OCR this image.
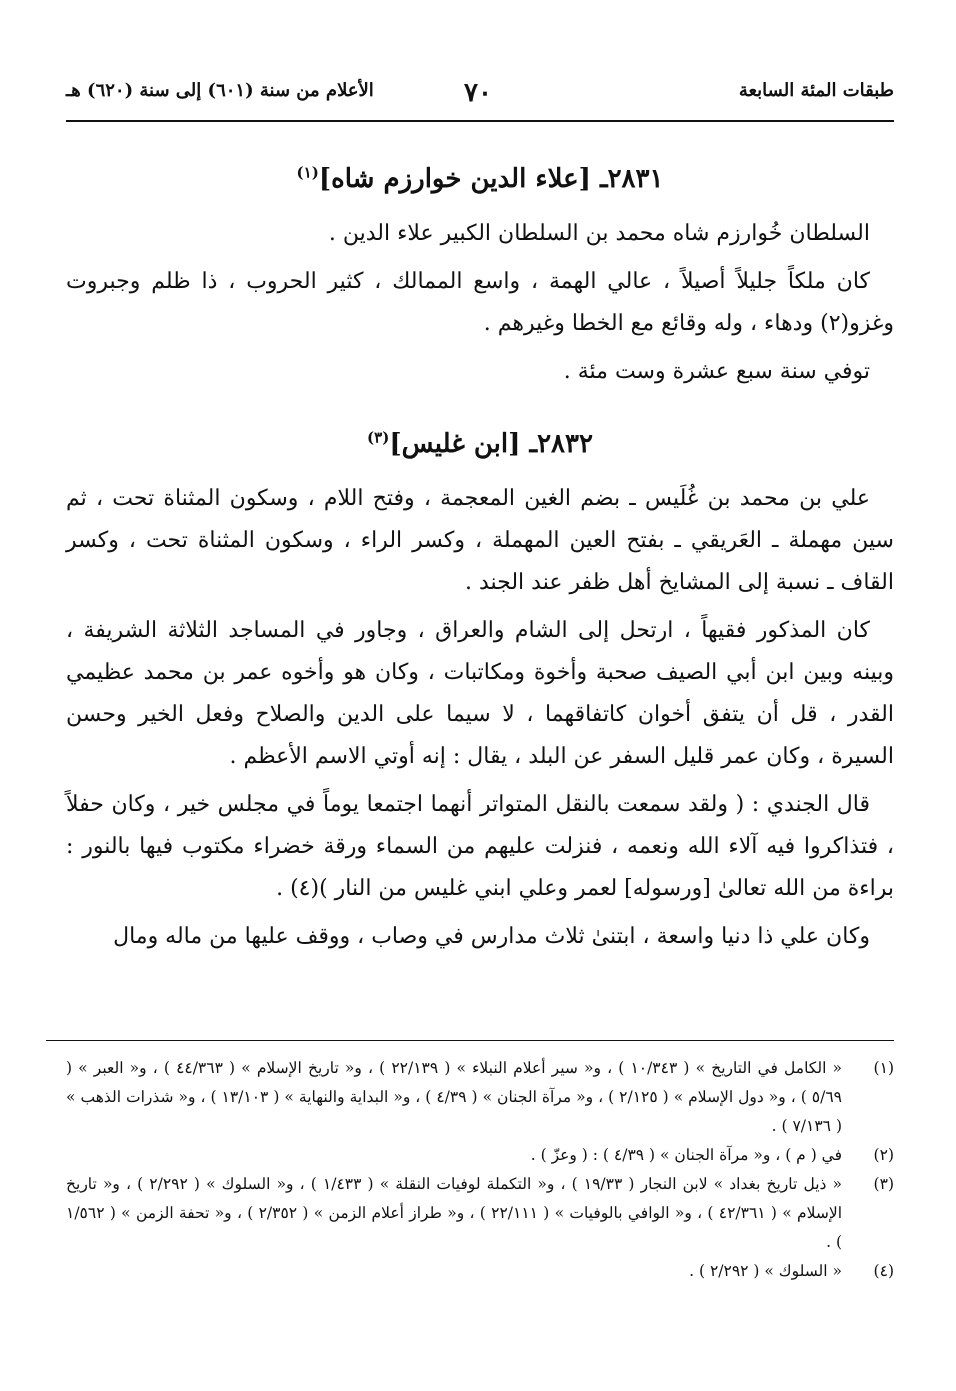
طبقات المئة السابعة
٧٠
الأعلام من سنة (٦٠١) إلى سنة (٦٢٠) هـ
٢٨٣١ـ [علاء الدين خوارزم شاه]$^{(١)}$

السلطان خُوارزم شاه محمد بن السلطان الكبير علاء الدين .

كان ملكاً جليلاً أصيلاً ، عالي الهمة ، واسع الممالك ، كثير الحروب ، ذا ظلم وجبروت وغزو(٢) ودهاء ، وله وقائع مع الخطا وغيرهم .

توفي سنة سبع عشرة وست مئة .

٢٨٣٢ـ [ابن غليس]$^{(٣)}$

علي بن محمد بن غُلَيس ـ بضم الغين المعجمة ، وفتح اللام ، وسكون المثناة تحت ، ثم سين مهملة ـ العَريقي ـ بفتح العين المهملة ، وكسر الراء ، وسكون المثناة تحت ، وكسر القاف ـ نسبة إلى المشايخ أهل ظفر عند الجند .

كان المذكور فقيهاً ، ارتحل إلى الشام والعراق ، وجاور في المساجد الثلاثة الشريفة ، وبينه وبين ابن أبي الصيف صحبة وأخوة ومكاتبات ، وكان هو وأخوه عمر بن محمد عظيمي القدر ، قل أن يتفق أخوان كاتفاقهما ، لا سيما على الدين والصلاح وفعل الخير وحسن السيرة ، وكان عمر قليل السفر عن البلد ، يقال : إنه أوتي الاسم الأعظم .

قال الجندي : ( ولقد سمعت بالنقل المتواتر أنهما اجتمعا يوماً في مجلس خير ، وكان حفلاً ، فتذاكروا فيه آلاء الله ونعمه ، فنزلت عليهم من السماء ورقة خضراء مكتوب فيها بالنور : براءة من الله تعالىٰ [ورسوله] لعمر وعلي ابني غليس من النار )(٤) .

وكان علي ذا دنيا واسعة ، ابتنىٰ ثلاث مدارس في وصاب ، ووقف عليها من ماله ومال

(١)
« الكامل في التاريخ » ( ١٠/٣٤٣ ) ، و« سير أعلام النبلاء » ( ٢٢/١٣٩ ) ، و« تاريخ الإسلام » ( ٤٤/٣٦٣ ) ، و« العبر » ( ٥/٦٩ ) ، و« دول الإسلام » ( ٢/١٢٥ ) ، و« مرآة الجنان » ( ٤/٣٩ ) ، و« البداية والنهاية » ( ١٣/١٠٣ ) ، و« شذرات الذهب » ( ٧/١٣٦ ) .
(٢)
في ( م ) ، و« مرآة الجنان » ( ٤/٣٩ ) : ( وعزّ ) .
(٣)
« ذيل تاريخ بغداد » لابن النجار ( ١٩/٣٣ ) ، و« التكملة لوفيات النقلة » ( ١/٤٣٣ ) ، و« السلوك » ( ٢/٢٩٢ ) ، و« تاريخ الإسلام » ( ٤٢/٣٦١ ) ، و« الوافي بالوفيات » ( ٢٢/١١١ ) ، و« طراز أعلام الزمن » ( ٢/٣٥٢ ) ، و« تحفة الزمن » ( ١/٥٦٢ ) .
(٤)
« السلوك » ( ٢/٢٩٢ ) .
